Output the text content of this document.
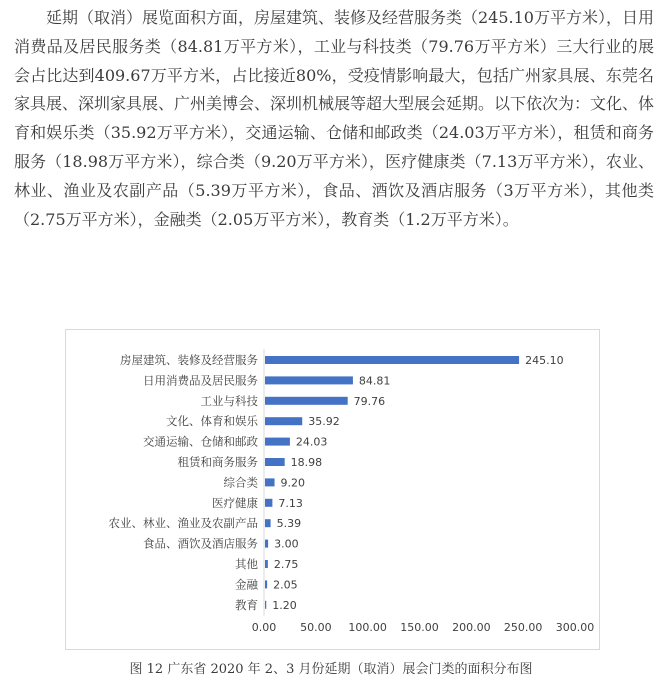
延期（取消）展览面积方面，房屋建筑、装修及经营服务类（245.10万平方米），日用消费品及居民服务类（84.81万平方米），工业与科技类（79.76万平方米）三大行业的展会占比达到409.67万平方米，占比接近80%，受疫情影响最大，包括广州家具展、东莞名家具展、深圳家具展、广州美博会、深圳机械展等超大型展会延期。以下依次为：文化、体育和娱乐类（35.92万平方米），交通运输、仓储和邮政类（24.03万平方米），租赁和商务服务（18.98万平方米），综合类（9.20万平方米），医疗健康类（7.13万平方米），农业、林业、渔业及农副产品（5.39万平方米），食品、酒饮及酒店服务（3万平方米），其他类（2.75万平方米），金融类（2.05万平方米），教育类（1.2万平方米）。

房屋建筑、装修及经营服务	245.10
日用消费品及居民服务	84.81
工业与科技	79.76
文化、体育和娱乐	35.92
交通运输、仓储和邮政	24.03
租赁和商务服务	18.98
综合类 9.20
医疗健康 7.13
农业、林业、渔业及农副产品 5.39
食品、酒饮及酒店服务 3.00
其他 2.75
金融 2.05
教育 1.20
0.00 50.00 100.00 150.00 200.00 250.00 300.00
图 12 广东省 2020 年 2、3 月份延期（取消）展会门类的面积分布图
